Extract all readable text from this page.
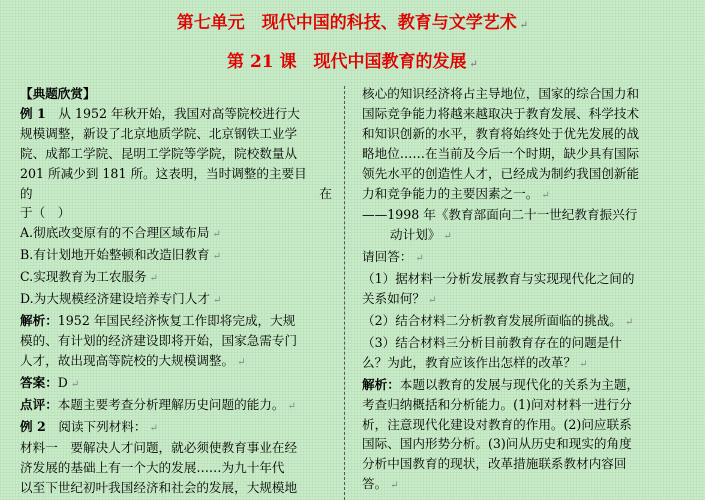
第七单元　现代中国的科技、教育与文学艺术 ↵
第 21 课　现代中国教育的发展 ↵
【典题欣赏】
例 1　从 1952 年秋开始，我国对高等院校进行大
规模调整，新设了北京地质学院、北京钢铁工业学
院、成都工学院、昆明工学院等学院，院校数量从
201 所减少到 181 所。这表明，当时调整的主要目
的	在
于（　）
A.彻底改变原有的不合理区域布局 ↵
B.有计划地开始整顿和改造旧教育 ↵
C.实现教育为工农服务 ↵
D.为大规模经济建设培养专门人才 ↵
解析：1952 年国民经济恢复工作即将完成，大规
模的、有计划的经济建设即将开始，国家急需专门
人才，故出现高等院校的大规模调整。 ↵
答案：D ↵
点评：本题主要考查分析理解历史问题的能力。 ↵
例 2　 阅读下列材料： ↵
材料一　要解决人才问题，就必须使教育事业在经
济发展的基础上有一个大的发展……为九十年代
以至下世纪初叶我国经济和社会的发展，大规模地
核心的知识经济将占主导地位，国家的综合国力和
国际竞争能力将越来越取决于教育发展、科学技术
和知识创新的水平，教育将始终处于优先发展的战
略地位……在当前及今后一个时期，缺少具有国际
领先水平的创造性人才，已经成为制约我国创新能
力和竞争能力的主要因素之一。 ↵
——1998 年《教育部面向二十一世纪教育振兴行
动计划》 ↵
请回答： ↵
（1）据材料一分析发展教育与实现现代化之间的
关系如何？ ↵
（2）结合材料二分析教育发展所面临的挑战。 ↵
（3）结合材料三分析目前教育存在的问题是什
么？为此，教育应该作出怎样的改革？ ↵
解析：本题以教育的发展与现代化的关系为主题，
考查归纳概括和分析能力。(1)问对材料一进行分
析，注意现代化建设对教育的作用。(2)问应联系
国际、国内形势分析。(3)问从历史和现实的角度
分析中国教育的现状，改革措施联系教材内容回
答。 ↵
